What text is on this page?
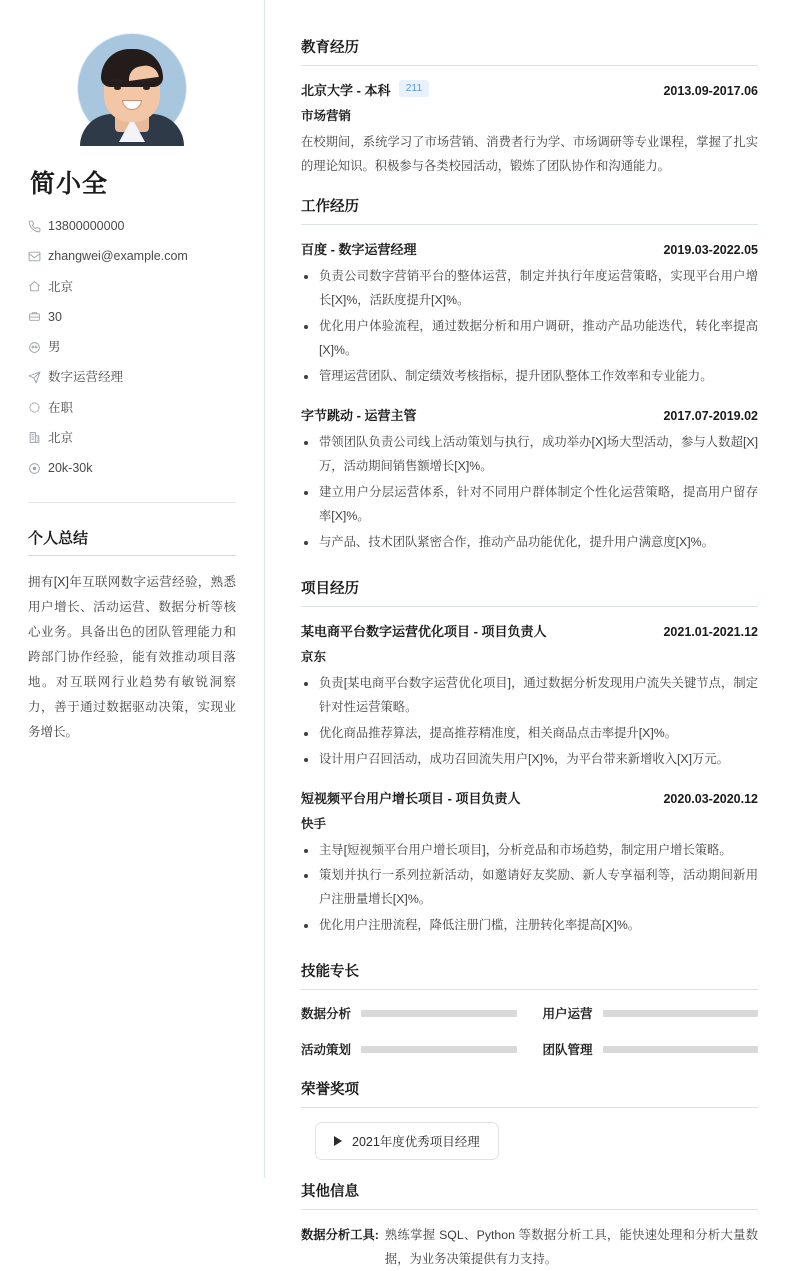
简小全
13800000000
zhangwei@example.com
北京
30
男
数字运营经理
在职
北京
20k-30k
个人总结

拥有[X]年互联网数字运营经验，熟悉用户增长、活动运营、数据分析等核心业务。具备出色的团队管理能力和跨部门协作经验，能有效推动项目落地。对互联网行业趋势有敏锐洞察力，善于通过数据驱动决策，实现业务增长。

教育经历
北京大学 - 本科	211	2013.09-2017.06
市场营销

在校期间，系统学习了市场营销、消费者行为学、市场调研等专业课程，掌握了扎实的理论知识。积极参与各类校园活动，锻炼了团队协作和沟通能力。

工作经历
百度 - 数字运营经理	2019.03-2022.05
负责公司数字营销平台的整体运营，制定并执行年度运营策略，实现平台用户增长[X]%，活跃度提升[X]%。
优化用户体验流程，通过数据分析和用户调研，推动产品功能迭代，转化率提高[X]%。
管理运营团队、制定绩效考核指标，提升团队整体工作效率和专业能力。
字节跳动 - 运营主管	2017.07-2019.02
带领团队负责公司线上活动策划与执行，成功举办[X]场大型活动，参与人数超[X]万，活动期间销售额增长[X]%。
建立用户分层运营体系，针对不同用户群体制定个性化运营策略，提高用户留存率[X]%。
与产品、技术团队紧密合作，推动产品功能优化，提升用户满意度[X]%。
项目经历
某电商平台数字运营优化项目 - 项目负责人	2021.01-2021.12
京东
负责[某电商平台数字运营优化项目]，通过数据分析发现用户流失关键节点，制定针对性运营策略。
优化商品推荐算法，提高推荐精准度，相关商品点击率提升[X]%。
设计用户召回活动，成功召回流失用户[X]%，为平台带来新增收入[X]万元。
短视频平台用户增长项目 - 项目负责人	2020.03-2020.12
快手
主导[短视频平台用户增长项目]，分析竞品和市场趋势，制定用户增长策略。
策划并执行一系列拉新活动，如邀请好友奖励、新人专享福利等，活动期间新用户注册量增长[X]%。
优化用户注册流程，降低注册门槛，注册转化率提高[X]%。
技能专长
数据分析	用户运营
活动策划	团队管理
荣誉奖项
2021年度优秀项目经理
其他信息
数据分析工具: 熟练掌握 SQL、Python 等数据分析工具，能快速处理和分析大量数据，为业务决策提供有力支持。
